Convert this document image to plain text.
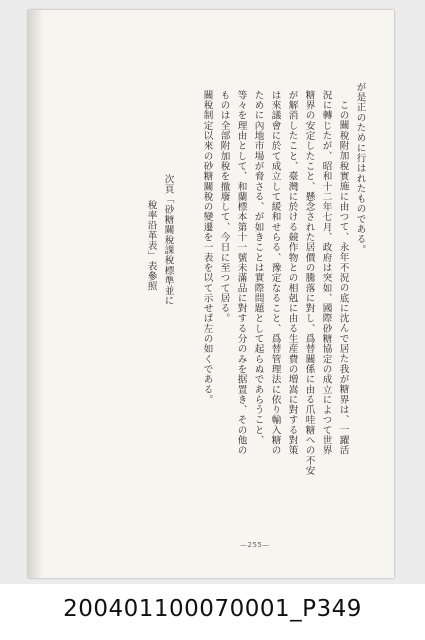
が是正のために行はれたものである。
この關稅附加稅實施に由つて、永年不況の底に沈んで居た我が糖界は、一躍活
況に轉じたが、昭和十二年七月、政府は突如、國際砂糖協定の成立によつて世界
糖界の安定したこと、懸念された居價の騰落に對し、爲替關係に由る爪哇糖への不安
が解消したこと、臺灣に於ける競作物との相剋に由る生産費の増嵩に對する對策
は來議會に於て成立して緩和せらる、豫定なること、爲替管理法に依り輸入糖の
ために內地市場が脅さる、が如きことは實際問題として起らぬであらうこと、
等々を理由として、和蘭標本第十一號未滿品に對する分のみを据置き、その他の
ものは全部附加稅を撤廢して、今日に至つて居る。
關稅制定以來の砂糖關稅の變遷を一表を以て示せば左の如くである。
次頁「砂糖關稅課稅標準並に
稅率沿革表」表參照
—255—
200401100070001_P349
